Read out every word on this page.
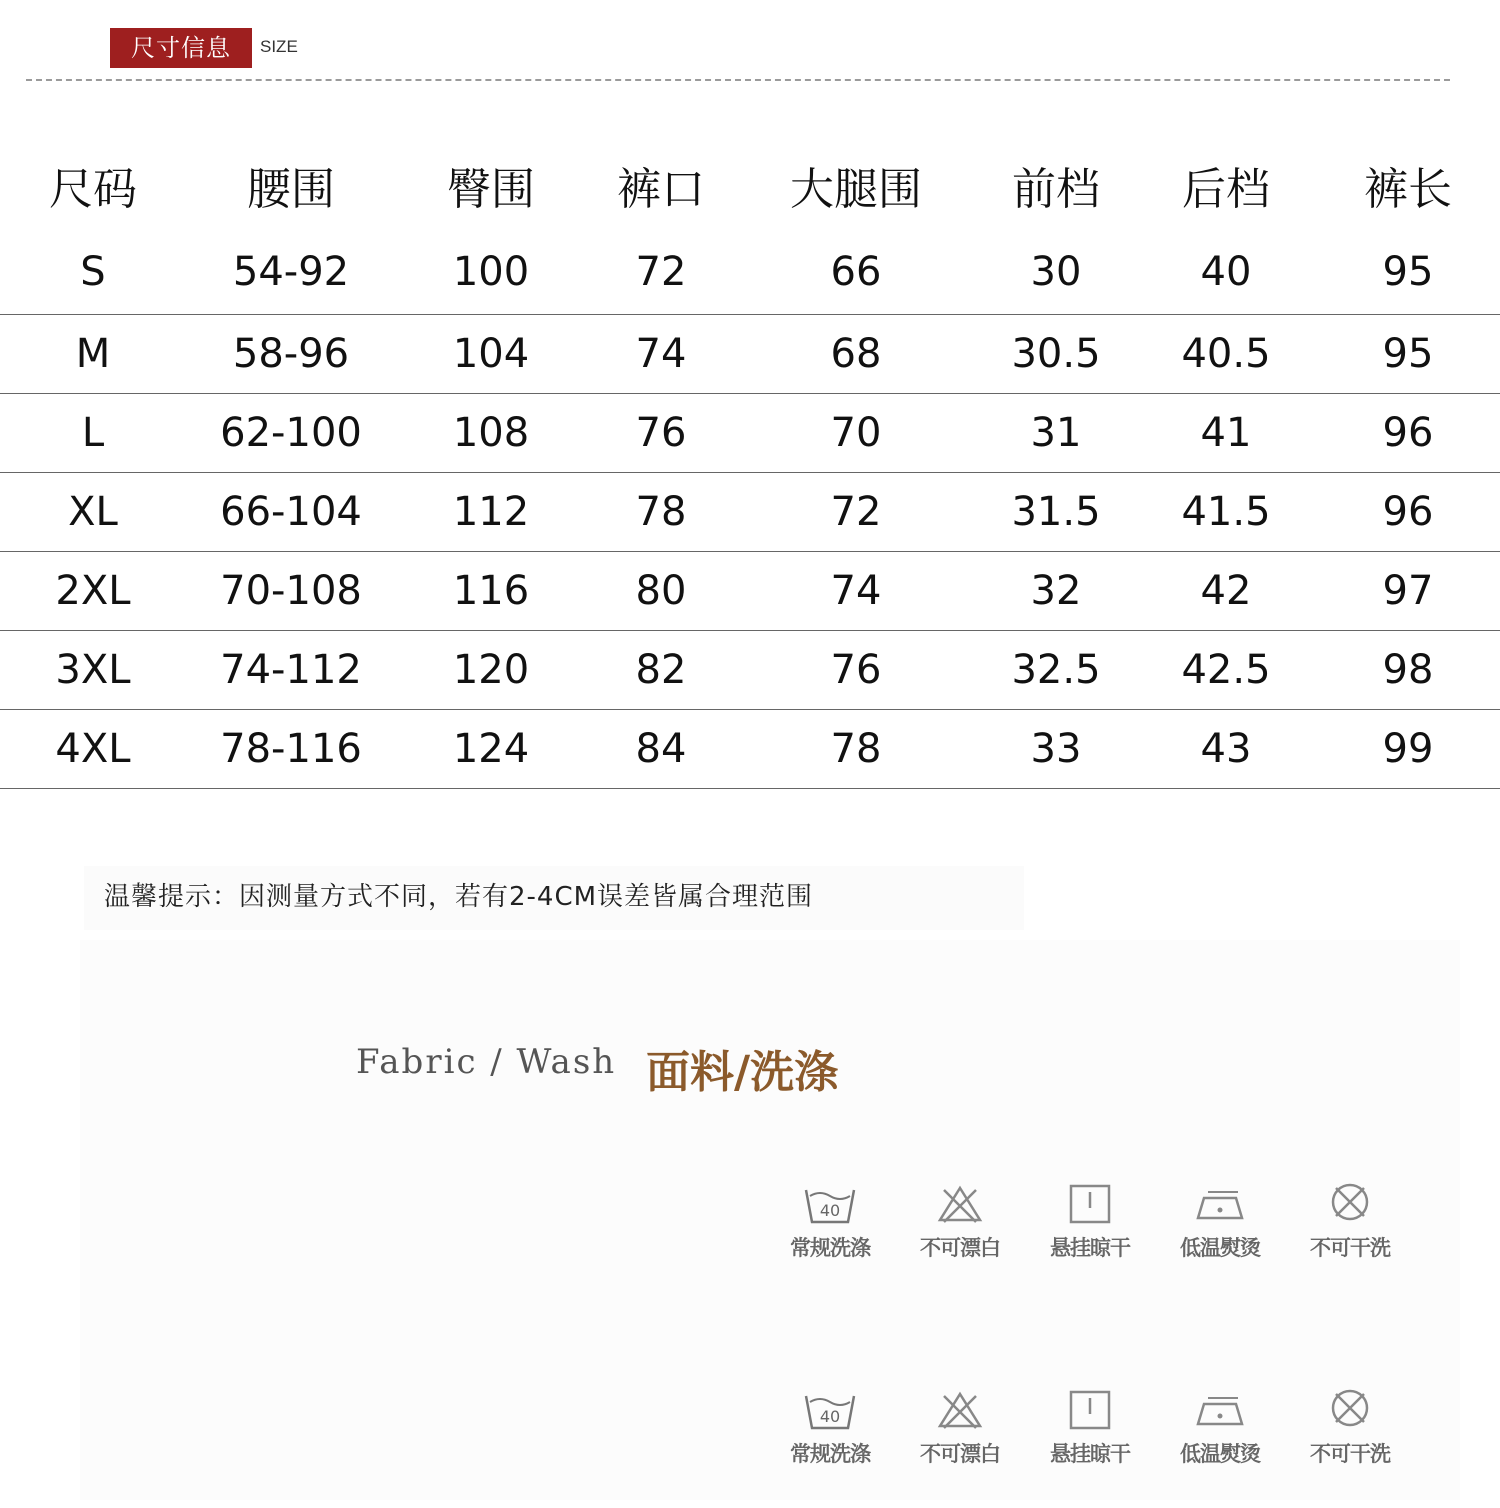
尺寸信息	SIZE
尺码	腰围	臀围	裤口	大腿围	前档	后档	裤长
S	54-92	100	72	66	30	40	95
M	58-96	104	74	68	30.5	40.5	95
L	62-100	108	76	70	31	41	96
XL	66-104	112	78	72	31.5	41.5	96
2XL	70-108	116	80	74	32	42	97
3XL	74-112	120	82	76	32.5	42.5	98
4XL	78-116	124	84	78	33	43	99
温馨提示：因测量方式不同，若有2-4CM误差皆属合理范围
Fabric / Wash 面料/洗涤
40
常规洗涤	不可漂白	悬挂晾干	低温熨烫	不可干洗
40
常规洗涤	不可漂白	悬挂晾干	低温熨烫	不可干洗
